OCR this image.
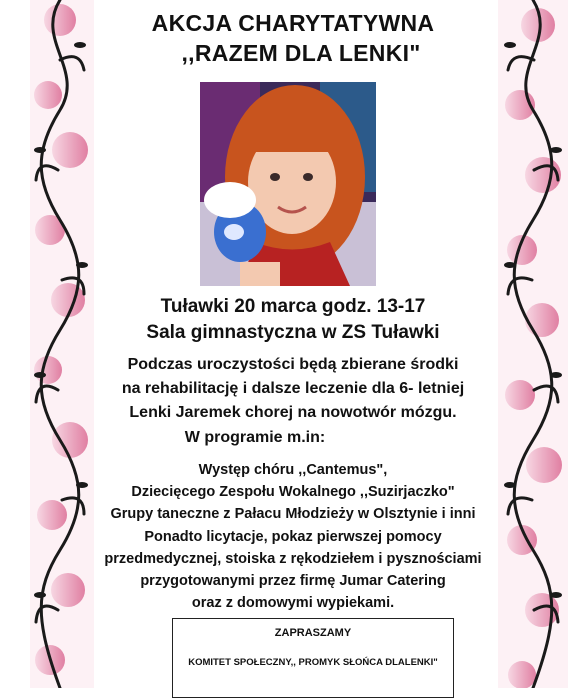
AKCJA CHARYTATYWNA
,,RAZEM DLA LENKI"
Tuławki 20 marca godz. 13-17
Sala gimnastyczna w ZS Tuławki
Podczas uroczystości będą zbierane środki
na rehabilitację i dalsze leczenie dla 6- letniej
Lenki Jaremek chorej na nowotwór mózgu.
W programie m.in:
Występ chóru ,,Cantemus",
Dziecięcego Zespołu Wokalnego ,,Suzirjaczko"
Grupy taneczne z Pałacu Młodzieży w Olsztynie i inni
Ponadto licytacje, pokaz pierwszej pomocy
przedmedycznej, stoiska z rękodziełem i pysznościami
przygotowanymi przez firmę Jumar Catering
oraz z domowymi wypiekami.
ZAPRASZAMY
KOMITET SPOŁECZNY,, PROMYK SŁOŃCA DLALENKI"
